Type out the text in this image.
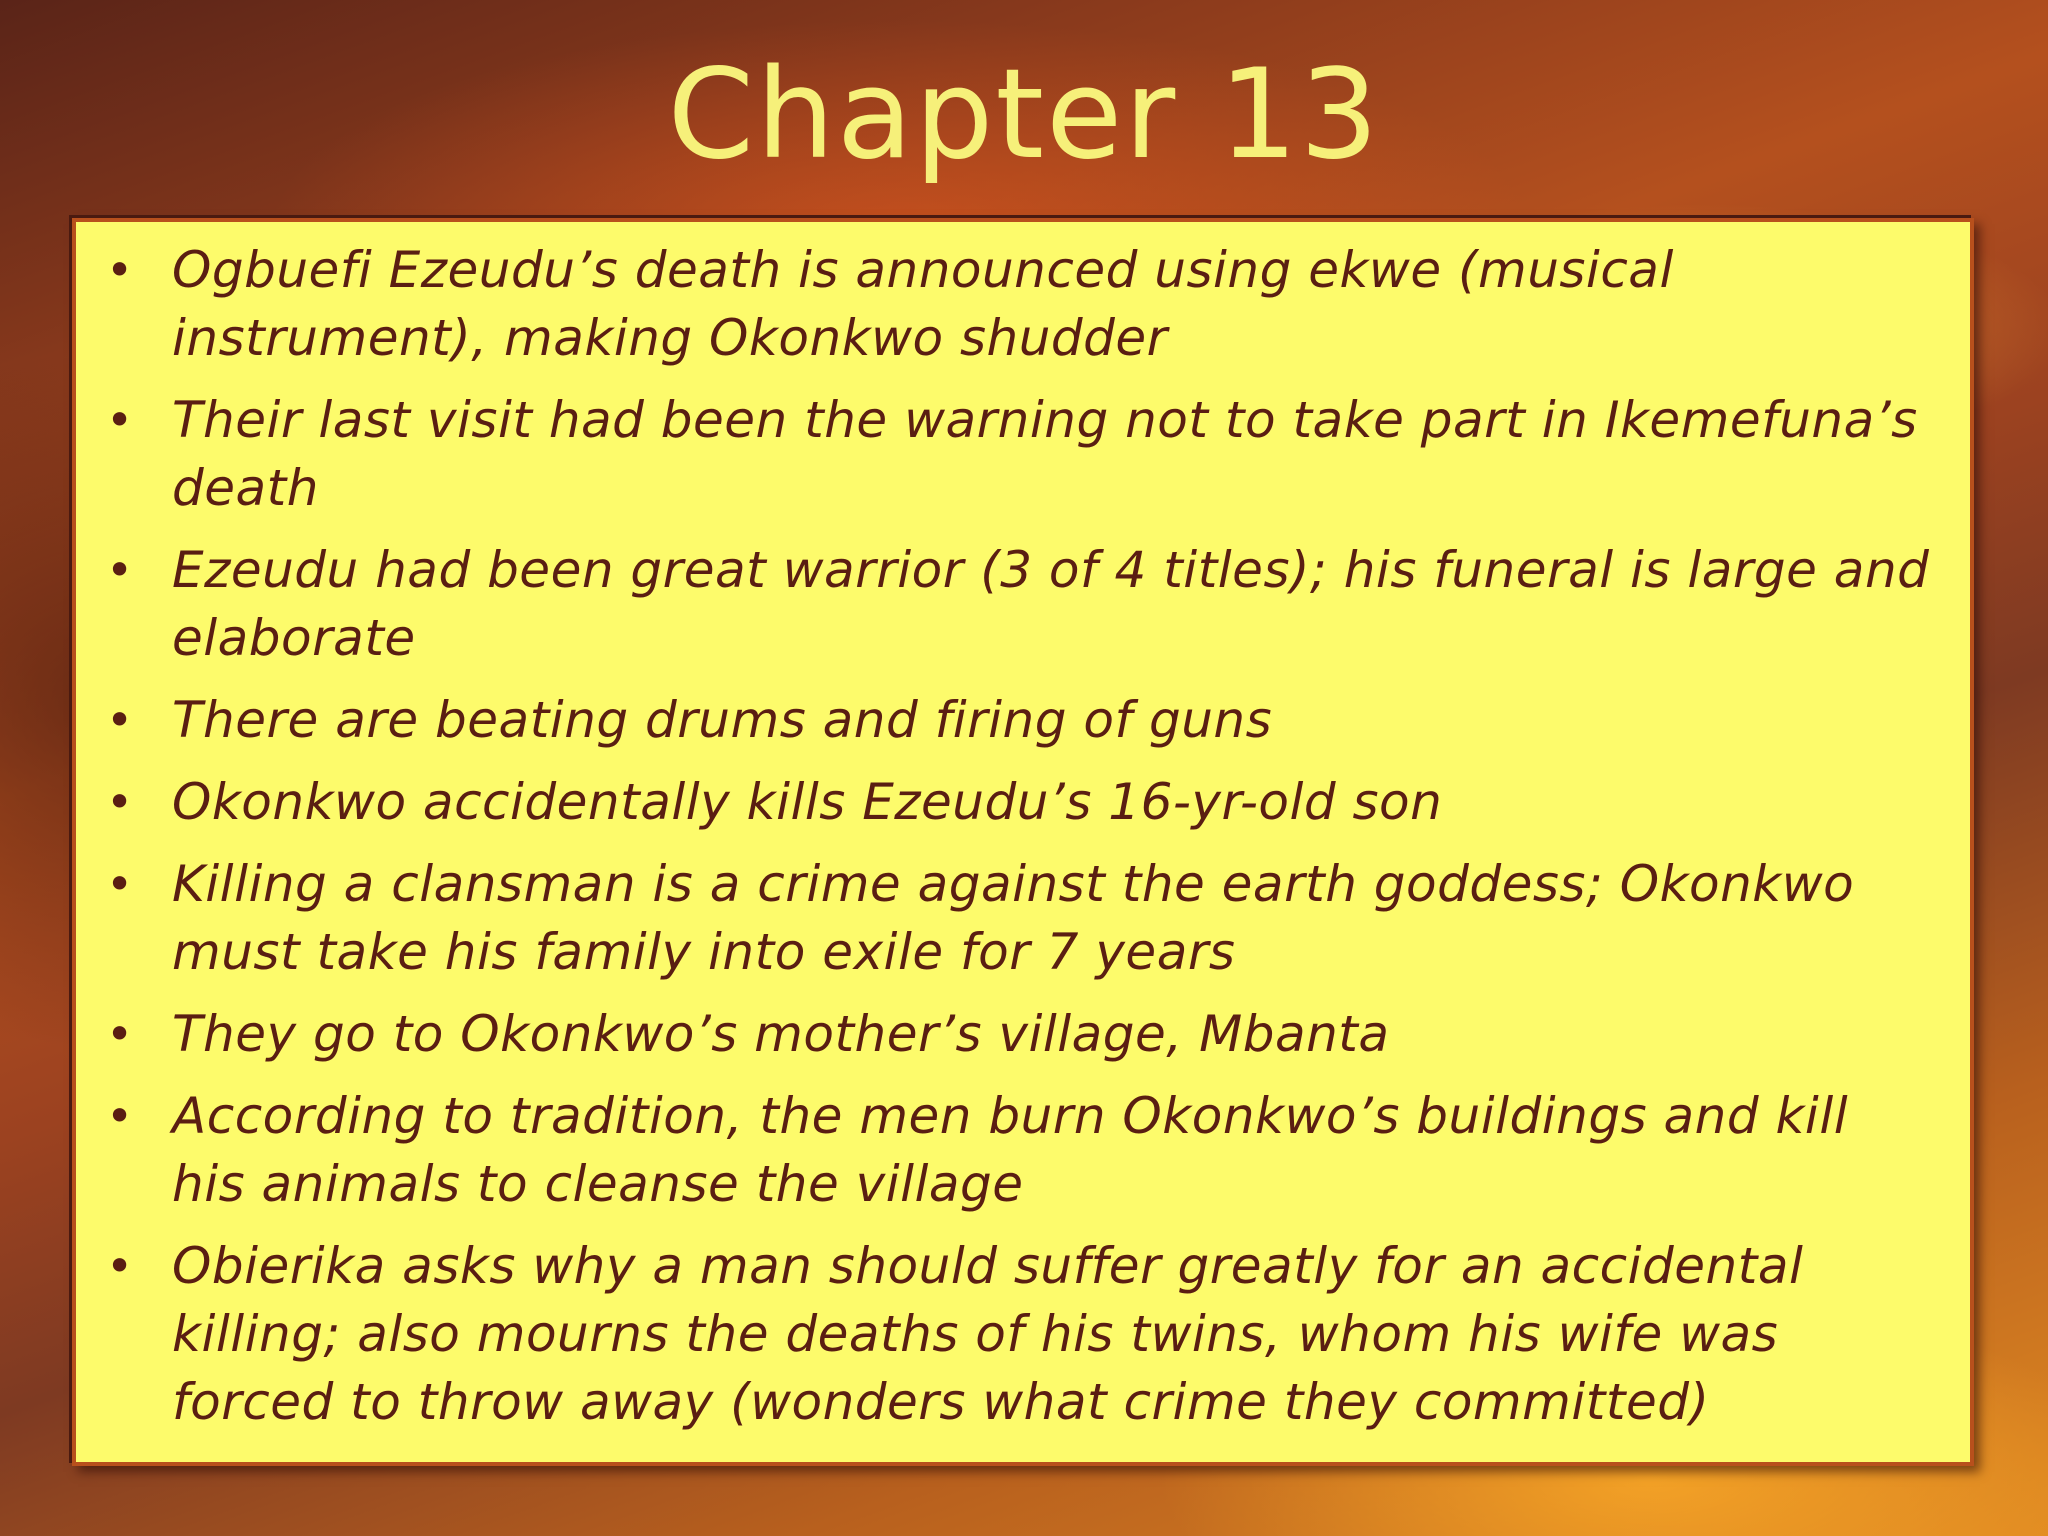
Chapter 13
• Ogbuefi Ezeudu’s death is announced using ekwe (musical instrument), making Okonkwo shudder
• Their last visit had been the warning not to take part in Ikemefuna’s death
• Ezeudu had been great warrior (3 of 4 titles); his funeral is large and elaborate
• There are beating drums and firing of guns
• Okonkwo accidentally kills Ezeudu’s 16-yr-old son
• Killing a clansman is a crime against the earth goddess; Okonkwo must take his family into exile for 7 years
• They go to Okonkwo’s mother’s village, Mbanta
• According to tradition, the men burn Okonkwo’s buildings and kill his animals to cleanse the village
• Obierika asks why a man should suffer greatly for an accidental killing; also mourns the deaths of his twins, whom his wife was forced to throw away (wonders what crime they committed)
